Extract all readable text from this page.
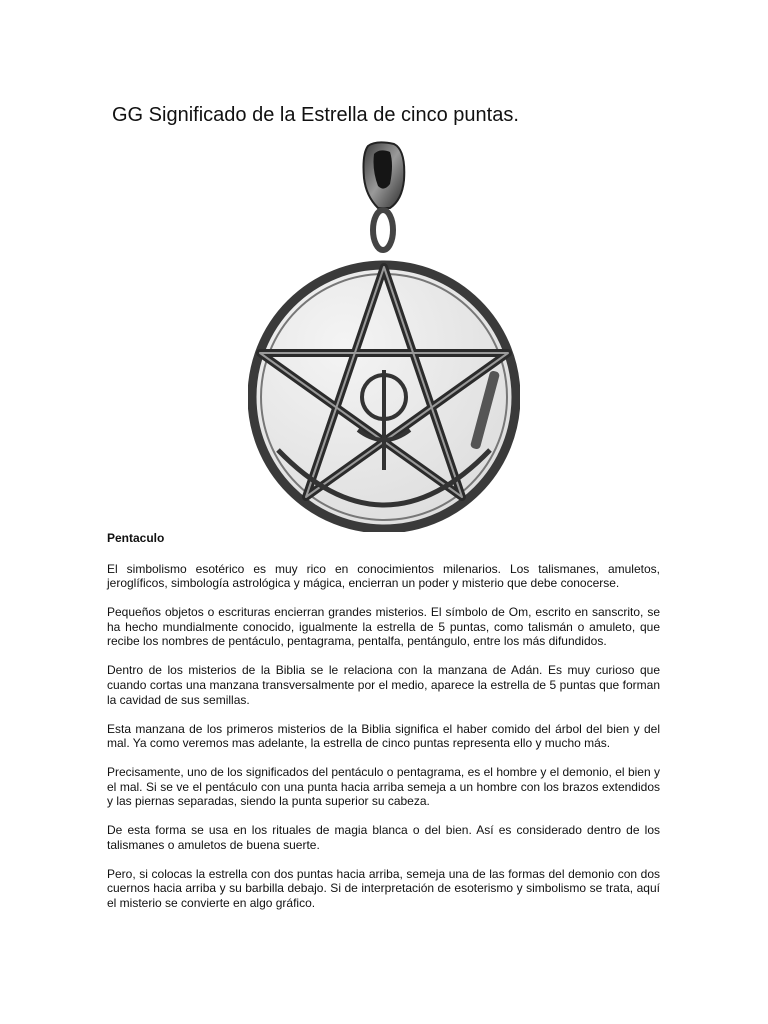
GG Significado de la Estrella de cinco puntas.
Pentaculo

El simbolismo esotérico es muy rico en conocimientos milenarios. Los talismanes, amuletos, jeroglíficos, simbología astrológica y mágica, encierran un poder y misterio que debe conocerse.

Pequeños objetos o escrituras encierran grandes misterios. El símbolo de Om, escrito en sanscrito, se ha hecho mundialmente conocido, igualmente la estrella de 5 puntas, como talismán o amuleto, que recibe los nombres de pentáculo, pentagrama, pentalfa, pentángulo, entre los más difundidos.

Dentro de los misterios de la Biblia se le relaciona con la manzana de Adán. Es muy curioso que cuando cortas una manzana transversalmente por el medio, aparece la estrella de 5 puntas que forman la cavidad de sus semillas.

Esta manzana de los primeros misterios de la Biblia significa el haber comido del árbol del bien y del mal. Ya como veremos mas adelante, la estrella de cinco puntas representa ello y mucho más.

Precisamente, uno de los significados del pentáculo o pentagrama, es el hombre y el demonio, el bien y el mal. Si se ve el pentáculo con una punta hacia arriba semeja a un hombre con los brazos extendidos y las piernas separadas, siendo la punta superior su cabeza.

De esta forma se usa en los rituales de magia blanca o del bien. Así es considerado dentro de los talismanes o amuletos de buena suerte.

Pero, si colocas la estrella con dos puntas hacia arriba, semeja una de las formas del demonio con dos cuernos hacia arriba y su barbilla debajo. Si de interpretación de esoterismo y simbolismo se trata, aquí el misterio se convierte en algo gráfico.
